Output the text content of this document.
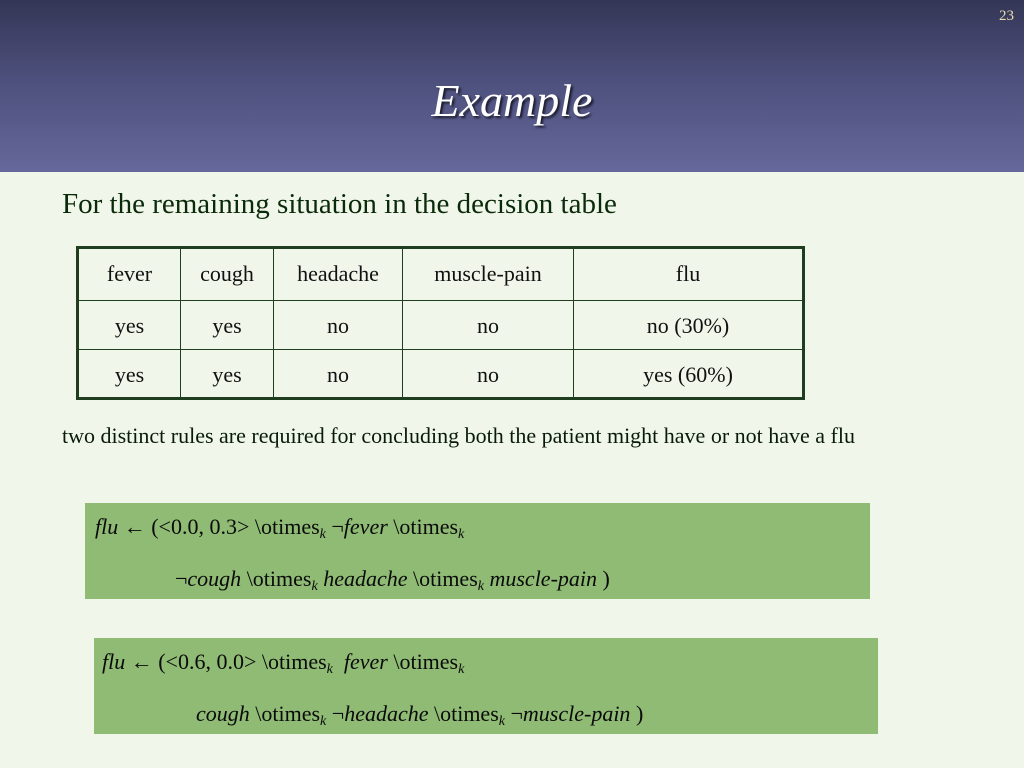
23
Example
For the remaining situation in the decision table
fever	cough	headache	muscle-pain	flu
yes	yes	no	no	no (30%)
yes	yes	no	no	yes (60%)
two distinct rules are required for concluding both the patient might have or not have a flu
flu ← (<0.0, 0.3> \otimes$_k$ ¬fever \otimes$_k$
¬cough \otimes$_k$ headache \otimes$_k$ muscle-pain )
flu ← (<0.6, 0.0> \otimes$_k$ fever \otimes$_k$
cough \otimes$_k$ ¬headache \otimes$_k$ ¬muscle-pain )
